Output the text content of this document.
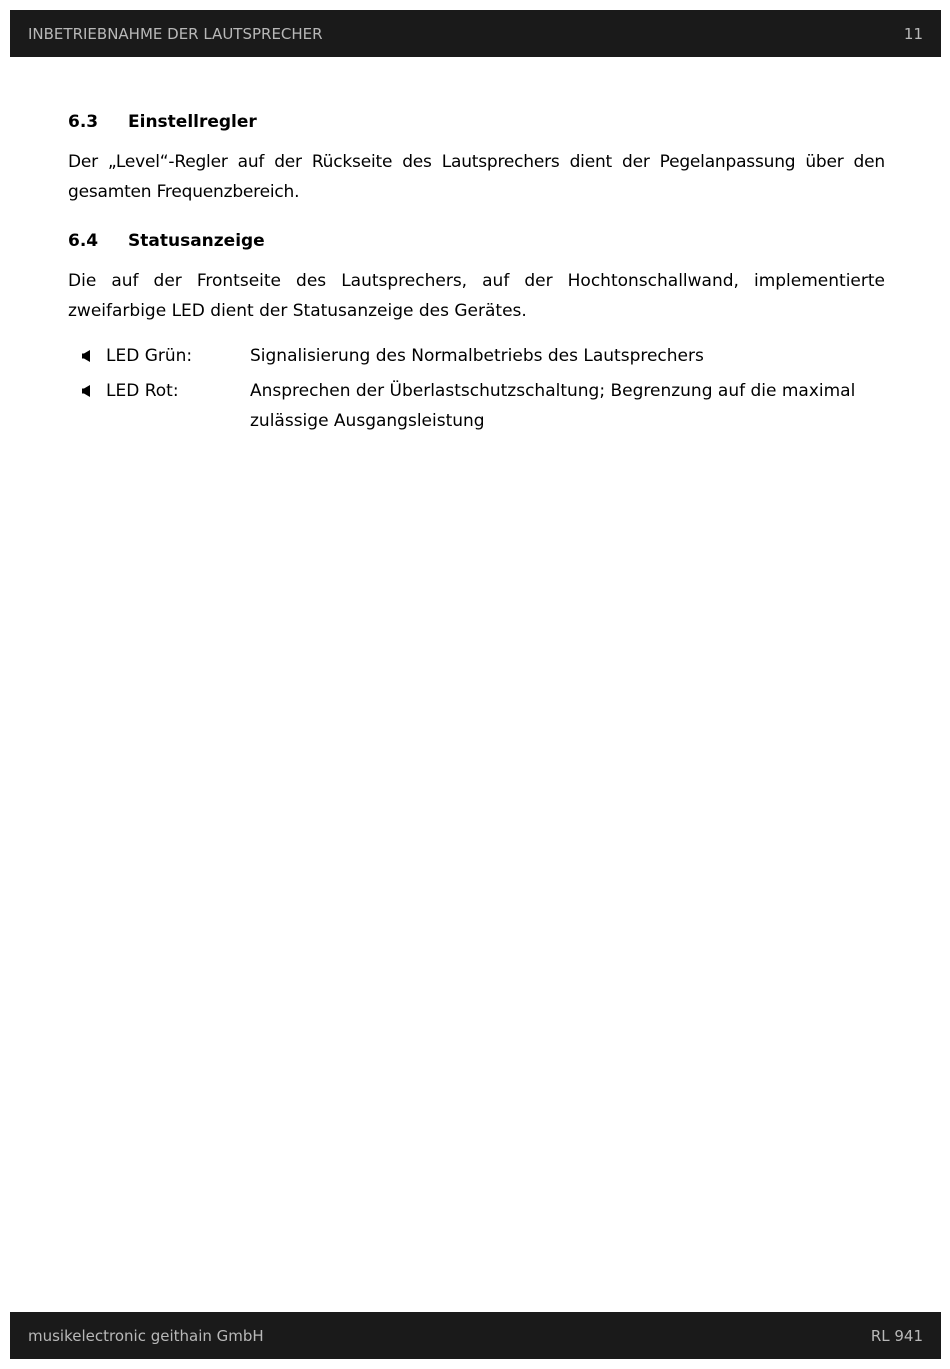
INBETRIEBNAHME DER LAUTSPRECHER	11
6.3	Einstellregler

Der „Level“-Regler auf der Rückseite des Lautsprechers dient der Pegelanpassung über den gesamten Frequenzbereich.

6.4	Statusanzeige

Die auf der Frontseite des Lautsprechers, auf der Hochtonschallwand, implementierte zweifarbige LED dient der Statusanzeige des Gerätes.

LED Grün:	Signalisierung des Normalbetriebs des Lautsprechers
LED Rot:	Ansprechen der Überlastschutzschaltung; Begrenzung auf die maximal zulässige Ausgangsleistung
musikelectronic geithain GmbH	RL 941
